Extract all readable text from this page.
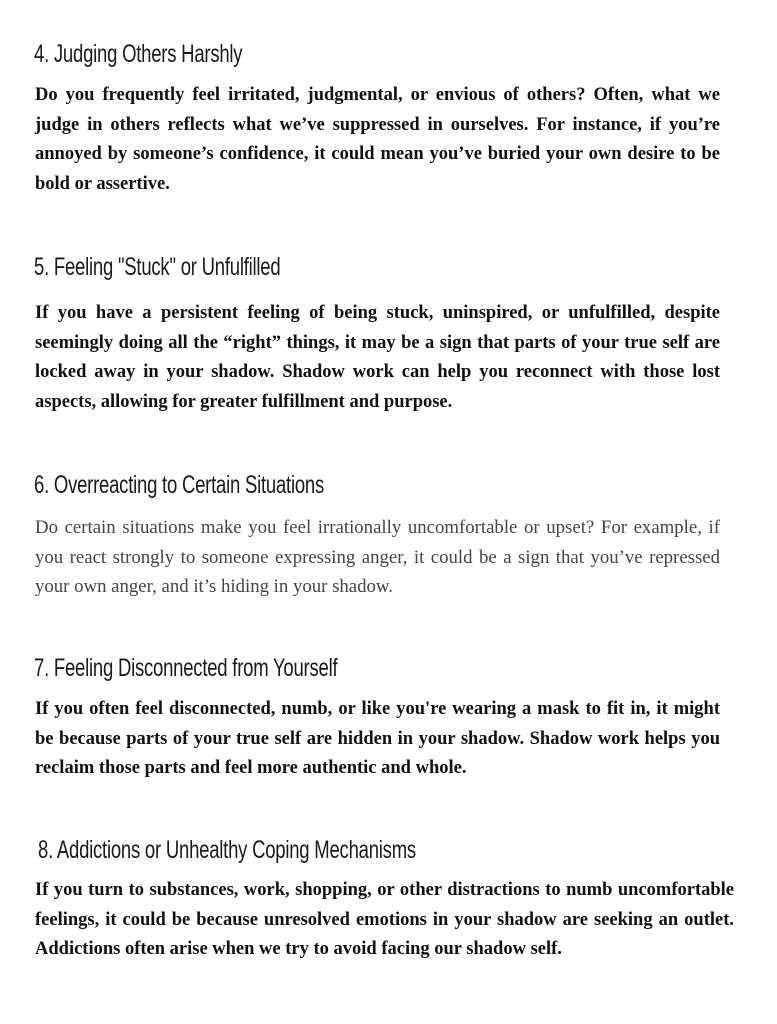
4. Judging Others Harshly

Do you frequently feel irritated, judgmental, or envious of others? Often, what we judge in others reflects what we’ve suppressed in ourselves. For instance, if you’re annoyed by someone’s confidence, it could mean you’ve buried your own desire to be bold or assertive.

5. Feeling "Stuck" or Unfulfilled

If you have a persistent feeling of being stuck, uninspired, or unfulfilled, despite seemingly doing all the “right” things, it may be a sign that parts of your true self are locked away in your shadow. Shadow work can help you reconnect with those lost aspects, allowing for greater fulfillment and purpose.

6. Overreacting to Certain Situations

Do certain situations make you feel irrationally uncomfortable or upset? For example, if you react strongly to someone expressing anger, it could be a sign that you’ve repressed your own anger, and it’s hiding in your shadow.

7. Feeling Disconnected from Yourself

If you often feel disconnected, numb, or like you're wearing a mask to fit in, it might be because parts of your true self are hidden in your shadow. Shadow work helps you reclaim those parts and feel more authentic and whole.

8. Addictions or Unhealthy Coping Mechanisms

If you turn to substances, work, shopping, or other distractions to numb uncomfortable feelings, it could be because unresolved emotions in your shadow are seeking an outlet. Addictions often arise when we try to avoid facing our shadow self.
